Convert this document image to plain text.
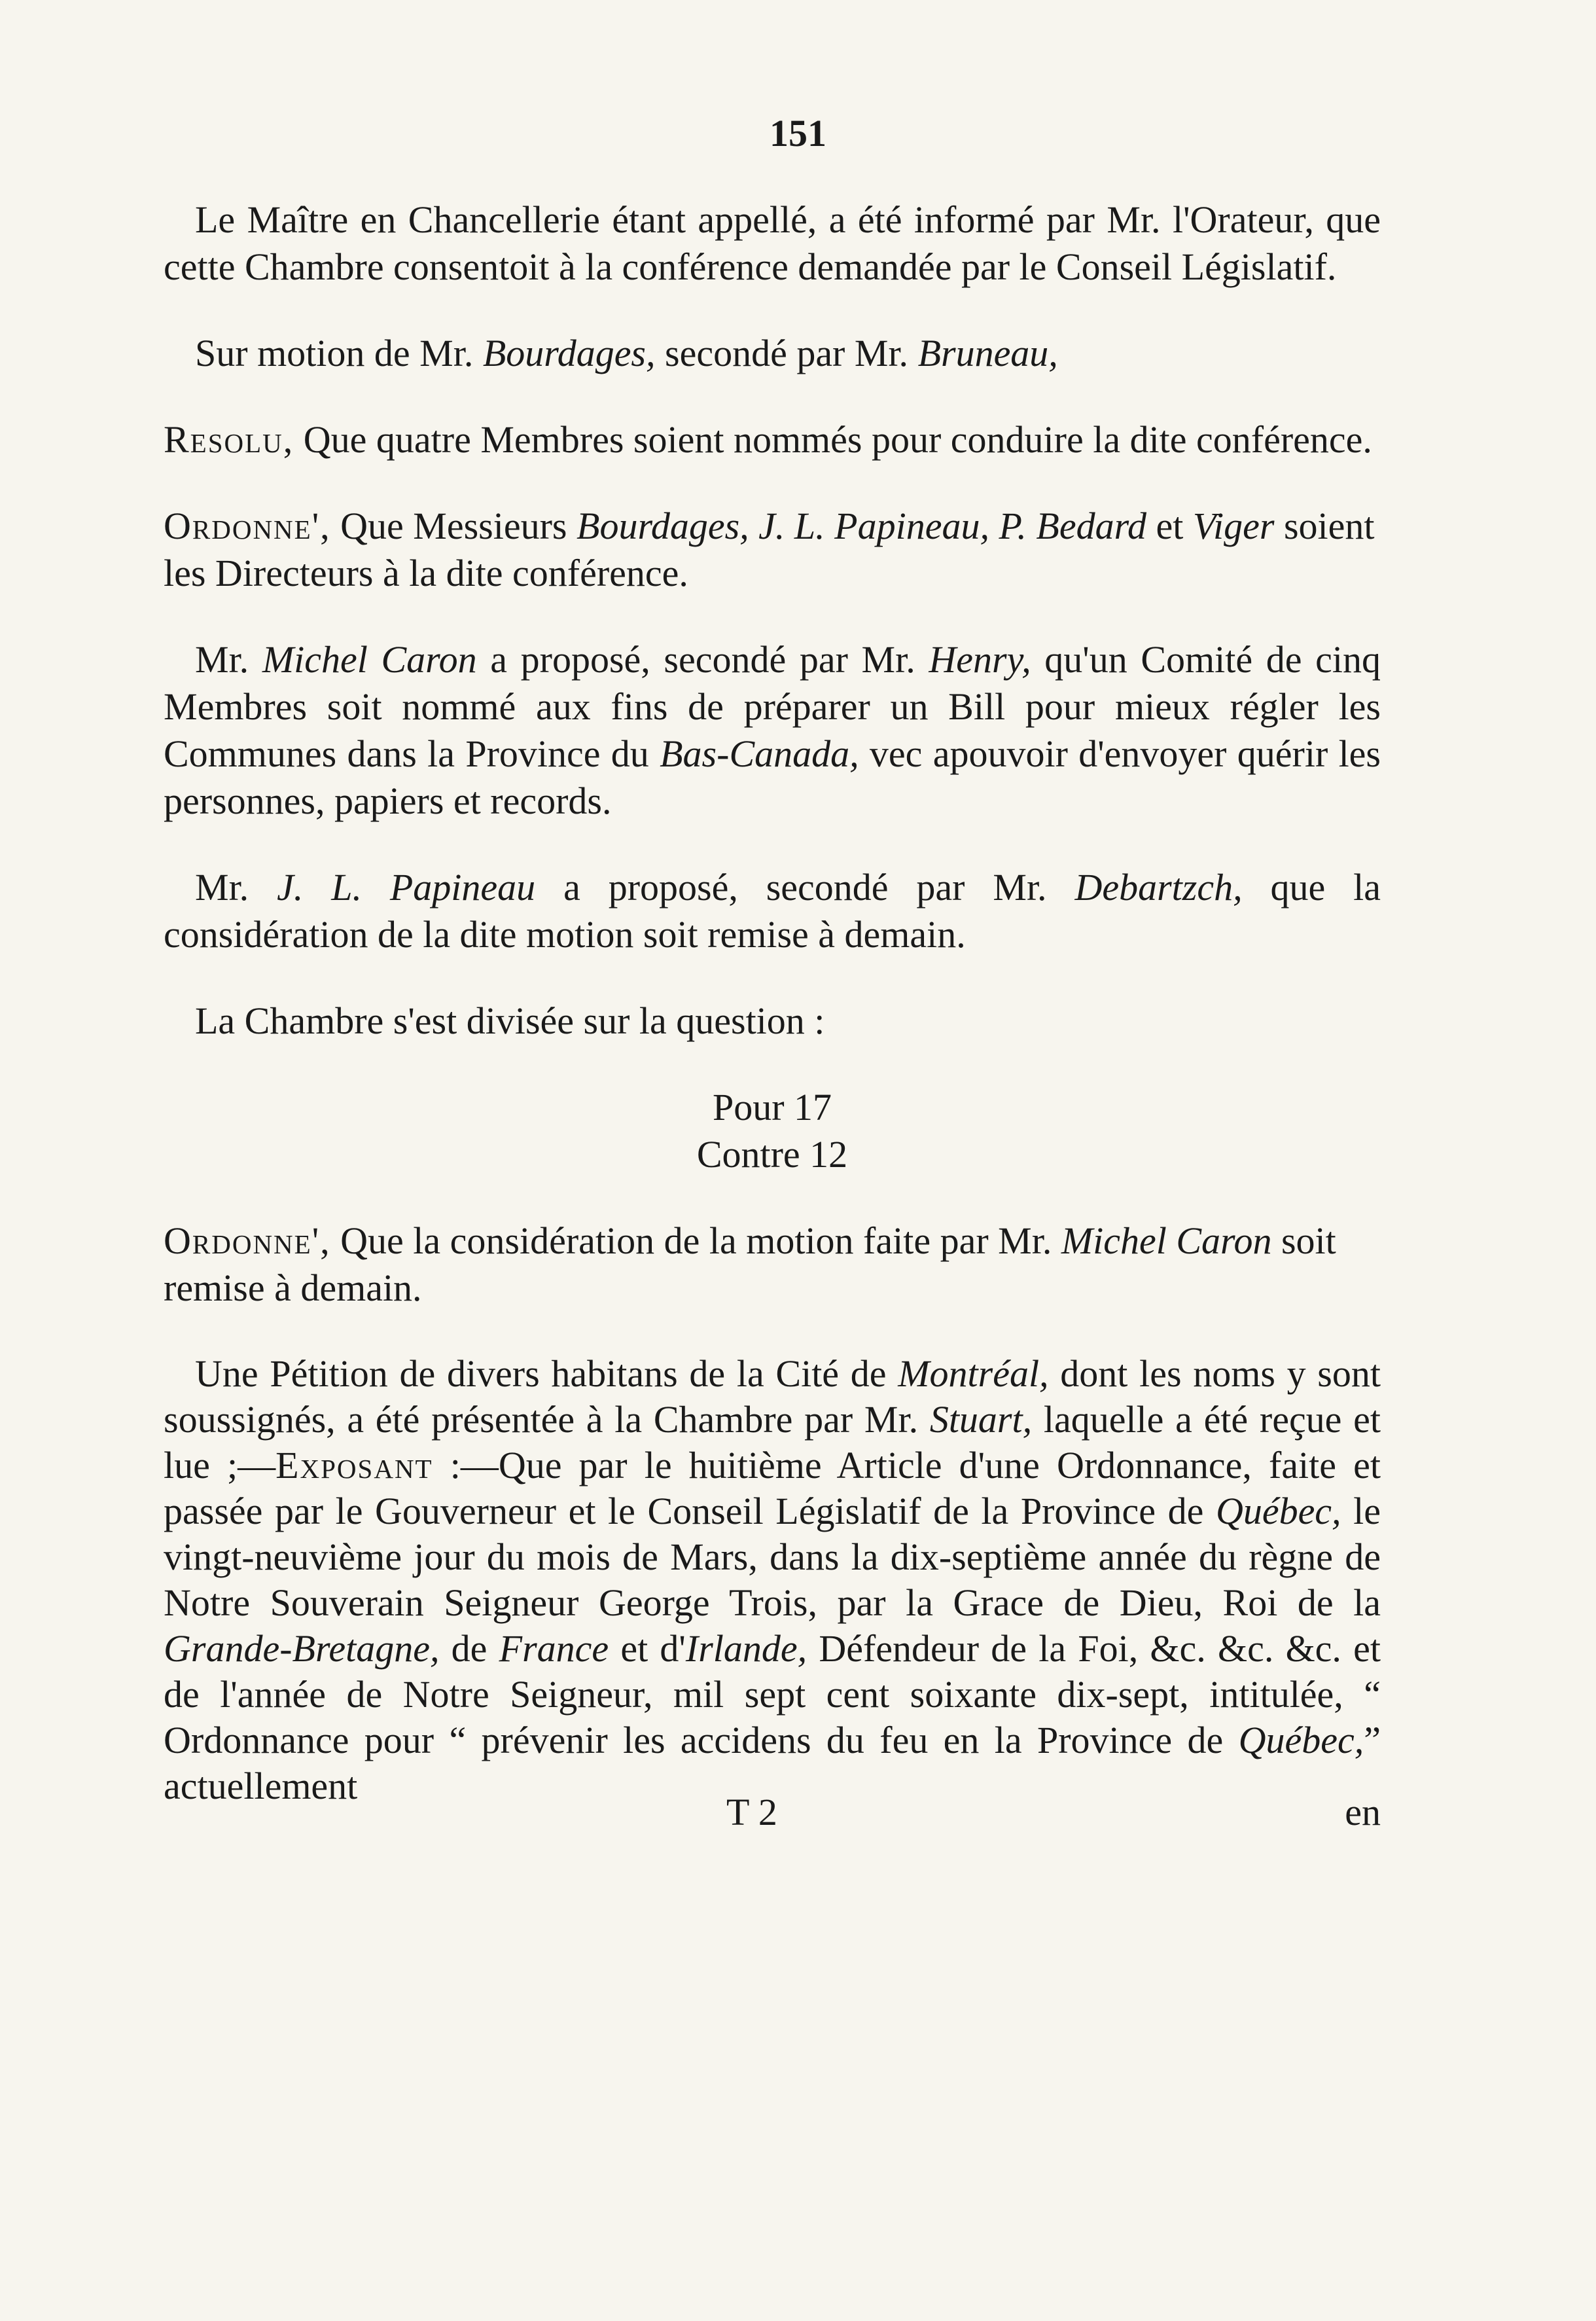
151

Le Maître en Chancellerie étant appellé, a été informé par Mr. l'Orateur, que cette Chambre consentoit à la conférence demandée par le Conseil Législatif.

Sur motion de Mr. Bourdages, secondé par Mr. Bruneau,

Resolu, Que quatre Membres soient nommés pour conduire la dite conférence.
Ordonne', Que Messieurs Bourdages, J. L. Papineau, P. Bedard et Viger soient les Directeurs à la dite conférence.

Mr. Michel Caron a proposé, secondé par Mr. Henry, qu'un Comité de cinq Membres soit nommé aux fins de préparer un Bill pour mieux régler les Communes dans la Province du Bas-Canada, vec apouvoir d'envoyer quérir les personnes, papiers et records.

Mr. J. L. Papineau a proposé, secondé par Mr. Debartzch, que la considération de la dite motion soit remise à demain.

La Chambre s'est divisée sur la question :

Pour 17
Contre 12
Ordonne', Que la considération de la motion faite par Mr. Michel Caron soit remise à demain.

Une Pétition de divers habitans de la Cité de Montréal, dont les noms y sont soussignés, a été présentée à la Chambre par Mr. Stuart, laquelle a été reçue et lue ;—Exposant :—Que par le huitième Article d'une Ordonnance, faite et passée par le Gouverneur et le Conseil Législatif de la Province de Québec, le vingt-neuvième jour du mois de Mars, dans la dix-septième année du règne de Notre Souverain Seigneur George Trois, par la Grace de Dieu, Roi de la Grande-Bretagne, de France et d'Irlande, Défendeur de la Foi, &c. &c. &c. et de l'année de Notre Seigneur, mil sept cent soixante dix-sept, intitulée, “ Ordonnance pour “ prévenir les accidens du feu en la Province de Québec,” actuellement

T 2	en
